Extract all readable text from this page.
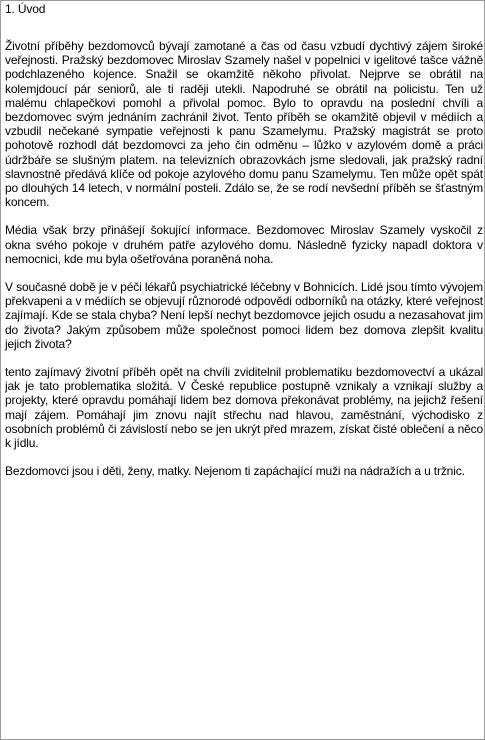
1. Úvod

Životní příběhy bezdomovců bývají zamotané a čas od času vzbudí dychtivý zájem široké veřejnosti. Pražský bezdomovec Miroslav Szamely našel v popelnici v igelitové tašce vážně podchlazeného kojence. Snažil se okamžitě někoho přivolat. Nejprve se obrátil na kolemjdoucí pár seniorů, ale ti raději utekli. Napodruhé se obrátil na policistu. Ten už malému chlapečkovi pomohl a přivolal pomoc. Bylo to opravdu na poslední chvíli a bezdomovec svým jednáním zachránil život. Tento příběh se okamžitě objevil v médiích a vzbudil nečekané sympatie veřejnosti k panu Szamelymu. Pražský magistrát se proto pohotově rozhodl dát bezdomovci za jeho čin odměnu – lůžko v azylovém domě a práci údržbáře se slušným platem. na televizních obrazovkách jsme sledovali, jak pražský radní slavnostně předává klíče od pokoje azylového domu panu Szamelymu. Ten může opět spát po dlouhých 14 letech, v normální posteli. Zdálo se, že se rodí nevšední příběh se šťastným koncem.

Média však brzy přinášejí šokující informace. Bezdomovec Miroslav Szamely vyskočil z okna svého pokoje v druhém patře azylového domu. Následně fyzicky napadl doktora v nemocnici, kde mu byla ošetřována poraněná noha.

V současné době je v péči lékařů psychiatrické léčebny v Bohnicích. Lidé jsou tímto vývojem překvapeni a v médiích se objevují různorodé odpovědi odborníků na otázky, které veřejnost zajímají. Kde se stala chyba? Není lepší nechyt bezdomovce jejich osudu a nezasahovat jim do života? Jakým způsobem může společnost pomoci lidem bez domova zlepšit kvalitu jejich života?

tento zajímavý životní příběh opět na chvíli zviditelnil problematiku bezdomovectví a ukázal jak je tato problematika složitá. V České republice postupně vznikaly a vznikají služby a projekty, které opravdu pomáhají lidem bez domova překonávat problémy, na jejichž řešení mají zájem. Pomáhají jim znovu najít střechu nad hlavou, zaměstnání, východisko z osobních problémů či závislostí nebo se jen ukrýt před mrazem, získat čisté oblečení a něco k jídlu.

Bezdomovci jsou i děti, ženy, matky. Nejenom ti zapáchající muži na nádražích a u tržnic.
